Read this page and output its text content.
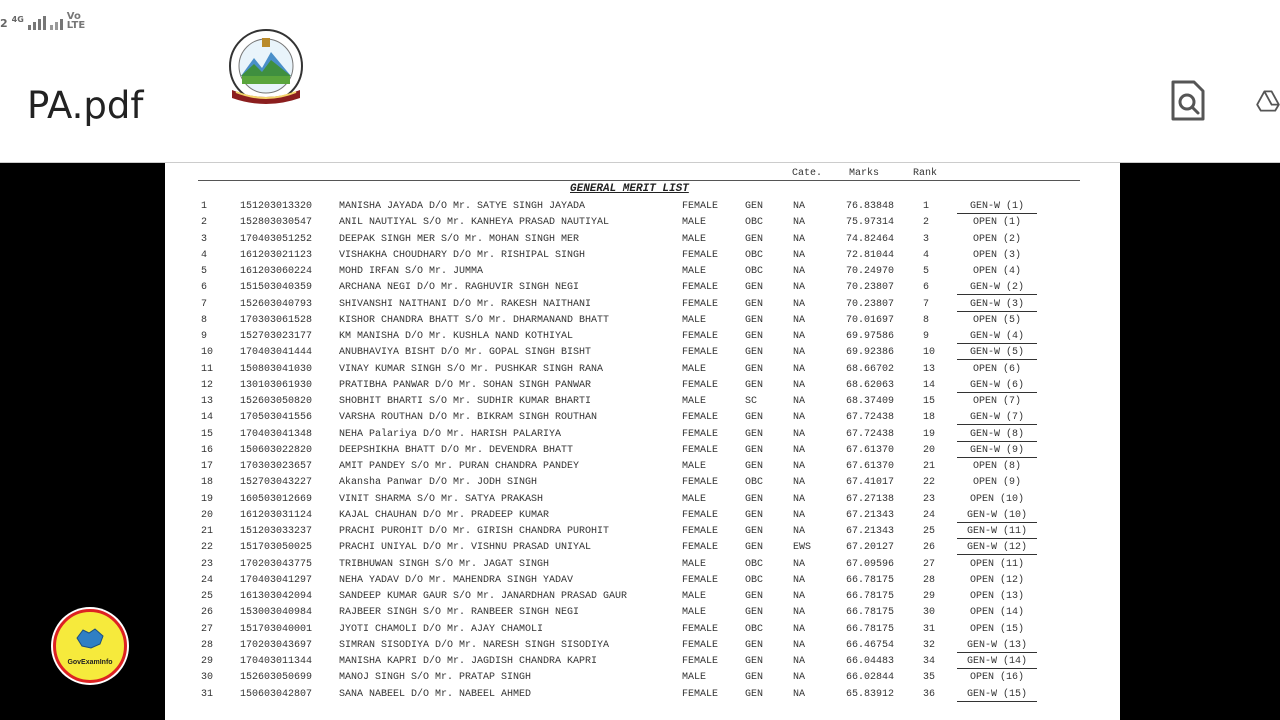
2 4G	Vo
LTE
PA.pdf
Cate.	Marks	Rank
GENERAL MERIT LIST
1	151203013320	MANISHA JAYADA D/O Mr. SATYE SINGH JAYADA	FEMALE	GEN	NA	76.83848	1	GEN-W (1)
2	152803030547	ANIL NAUTIYAL S/O Mr. KANHEYA PRASAD NAUTIYAL	MALE	OBC	NA	75.97314	2	OPEN (1)
3	170403051252	DEEPAK SINGH MER S/O Mr. MOHAN SINGH MER	MALE	GEN	NA	74.82464	3	OPEN (2)
4	161203021123	VISHAKHA CHOUDHARY D/O Mr. RISHIPAL SINGH	FEMALE	OBC	NA	72.81044	4	OPEN (3)
5	161203060224	MOHD IRFAN S/O Mr. JUMMA	MALE	OBC	NA	70.24970	5	OPEN (4)
6	151503040359	ARCHANA NEGI D/O Mr. RAGHUVIR SINGH NEGI	FEMALE	GEN	NA	70.23807	6	GEN-W (2)
7	152603040793	SHIVANSHI NAITHANI D/O Mr. RAKESH NAITHANI	FEMALE	GEN	NA	70.23807	7	GEN-W (3)
8	170303061528	KISHOR CHANDRA BHATT S/O Mr. DHARMANAND BHATT	MALE	GEN	NA	70.01697	8	OPEN (5)
9	152703023177	KM MANISHA D/O Mr. KUSHLA NAND KOTHIYAL	FEMALE	GEN	NA	69.97586	9	GEN-W (4)
10	170403041444	ANUBHAVIYA BISHT D/O Mr. GOPAL SINGH BISHT	FEMALE	GEN	NA	69.92386	10	GEN-W (5)
11	150803041030	VINAY KUMAR SINGH S/O Mr. PUSHKAR SINGH RANA	MALE	GEN	NA	68.66702	13	OPEN (6)
12	130103061930	PRATIBHA PANWAR D/O Mr. SOHAN SINGH PANWAR	FEMALE	GEN	NA	68.62063	14	GEN-W (6)
13	152603050820	SHOBHIT BHARTI S/O Mr. SUDHIR KUMAR BHARTI	MALE	SC	NA	68.37409	15	OPEN (7)
14	170503041556	VARSHA ROUTHAN D/O Mr. BIKRAM SINGH ROUTHAN	FEMALE	GEN	NA	67.72438	18	GEN-W (7)
15	170403041348	NEHA Palariya D/O Mr. HARISH PALARIYA	FEMALE	GEN	NA	67.72438	19	GEN-W (8)
16	150603022820	DEEPSHIKHA BHATT D/O Mr. DEVENDRA BHATT	FEMALE	GEN	NA	67.61370	20	GEN-W (9)
17	170303023657	AMIT PANDEY S/O Mr. PURAN CHANDRA PANDEY	MALE	GEN	NA	67.61370	21	OPEN (8)
18	152703043227	Akansha Panwar D/O Mr. JODH SINGH	FEMALE	OBC	NA	67.41017	22	OPEN (9)
19	160503012669	VINIT SHARMA S/O Mr. SATYA PRAKASH	MALE	GEN	NA	67.27138	23	OPEN (10)
20	161203031124	KAJAL CHAUHAN D/O Mr. PRADEEP KUMAR	FEMALE	GEN	NA	67.21343	24	GEN-W (10)
21	151203033237	PRACHI PUROHIT D/O Mr. GIRISH CHANDRA PUROHIT	FEMALE	GEN	NA	67.21343	25	GEN-W (11)
22	151703050025	PRACHI UNIYAL D/O Mr. VISHNU PRASAD UNIYAL	FEMALE	GEN	EWS	67.20127	26	GEN-W (12)
23	170203043775	TRIBHUWAN SINGH S/O Mr. JAGAT SINGH	MALE	OBC	NA	67.09596	27	OPEN (11)
24	170403041297	NEHA YADAV D/O Mr. MAHENDRA SINGH YADAV	FEMALE	OBC	NA	66.78175	28	OPEN (12)
25	161303042094	SANDEEP KUMAR GAUR S/O Mr. JANARDHAN PRASAD GAUR	MALE	GEN	NA	66.78175	29	OPEN (13)
26	153003040984	RAJBEER SINGH S/O Mr. RANBEER SINGH NEGI	MALE	GEN	NA	66.78175	30	OPEN (14)
27	151703040001	JYOTI CHAMOLI D/O Mr. AJAY CHAMOLI	FEMALE	OBC	NA	66.78175	31	OPEN (15)
28	170203043697	SIMRAN SISODIYA D/O Mr. NARESH SINGH SISODIYA	FEMALE	GEN	NA	66.46754	32	GEN-W (13)
29	170403011344	MANISHA KAPRI D/O Mr. JAGDISH CHANDRA KAPRI	FEMALE	GEN	NA	66.04483	34	GEN-W (14)
30	152603050699	MANOJ SINGH S/O Mr. PRATAP SINGH	MALE	GEN	NA	66.02844	35	OPEN (16)
31	150603042807	SANA NABEEL D/O Mr. NABEEL AHMED	FEMALE	GEN	NA	65.83912	36	GEN-W (15)
GovExamInfo
